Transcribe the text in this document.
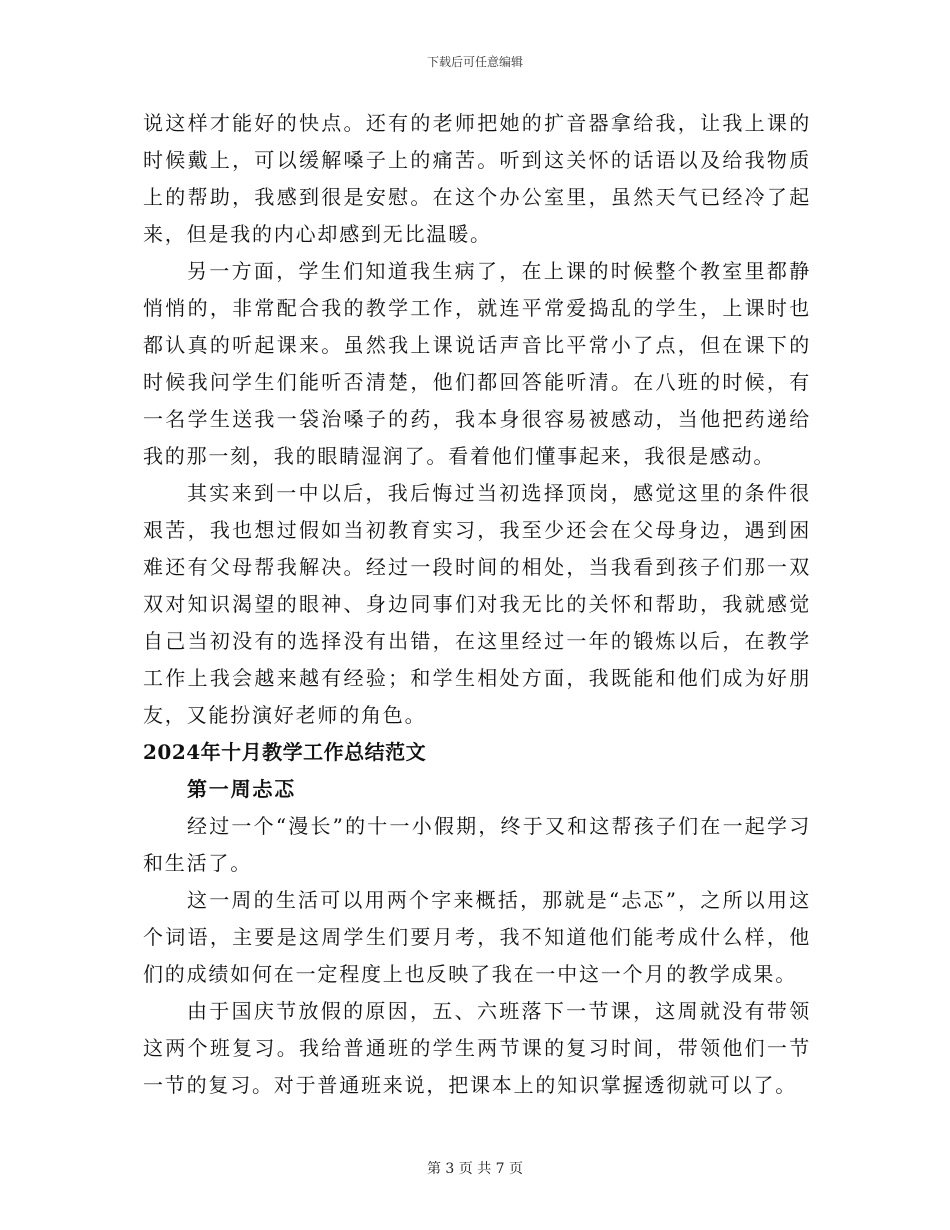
下载后可任意编辑

说这样才能好的快点。还有的老师把她的扩音器拿给我，让我上课的时候戴上，可以缓解嗓子上的痛苦。听到这关怀的话语以及给我物质上的帮助，我感到很是安慰。在这个办公室里，虽然天气已经冷了起来，但是我的内心却感到无比温暖。

另一方面，学生们知道我生病了，在上课的时候整个教室里都静悄悄的，非常配合我的教学工作，就连平常爱捣乱的学生，上课时也都认真的听起课来。虽然我上课说话声音比平常小了点，但在课下的时候我问学生们能听否清楚，他们都回答能听清。在八班的时候，有一名学生送我一袋治嗓子的药，我本身很容易被感动，当他把药递给我的那一刻，我的眼睛湿润了。看着他们懂事起来，我很是感动。

其实来到一中以后，我后悔过当初选择顶岗，感觉这里的条件很艰苦，我也想过假如当初教育实习，我至少还会在父母身边，遇到困难还有父母帮我解决。经过一段时间的相处，当我看到孩子们那一双双对知识渴望的眼神、身边同事们对我无比的关怀和帮助，我就感觉自己当初没有的选择没有出错，在这里经过一年的锻炼以后，在教学工作上我会越来越有经验；和学生相处方面，我既能和他们成为好朋友，又能扮演好老师的角色。

2024年十月教学工作总结范文

第一周忐忑

经过一个“漫长”的十一小假期，终于又和这帮孩子们在一起学习和生活了。

这一周的生活可以用两个字来概括，那就是“忐忑”，之所以用这个词语，主要是这周学生们要月考，我不知道他们能考成什么样，他们的成绩如何在一定程度上也反映了我在一中这一个月的教学成果。

由于国庆节放假的原因，五、六班落下一节课，这周就没有带领这两个班复习。我给普通班的学生两节课的复习时间，带领他们一节一节的复习。对于普通班来说，把课本上的知识掌握透彻就可以了。

第 3 页 共 7 页
